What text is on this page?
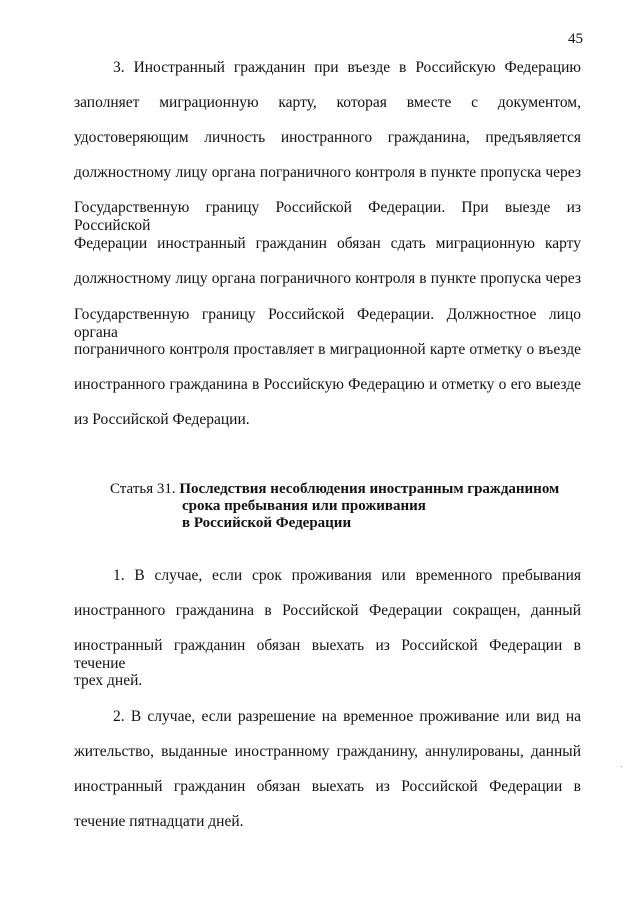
45
3. Иностранный гражданин при въезде в Российскую Федерацию
заполняет миграционную карту, которая вместе с документом,
удостоверяющим личность иностранного гражданина, предъявляется
должностному лицу органа пограничного контроля в пункте пропуска через
Государственную границу Российской Федерации. При выезде из Российской
Федерации иностранный гражданин обязан сдать миграционную карту
должностному лицу органа пограничного контроля в пункте пропуска через
Государственную границу Российской Федерации. Должностное лицо органа
пограничного контроля проставляет в миграционной карте отметку о въезде
иностранного гражданина в Российскую Федерацию и отметку о его выезде
из Российской Федерации.
Статья 31. Последствия несоблюдения иностранным гражданином
срока пребывания или проживания
в Российской Федерации
1. В случае, если срок проживания или временного пребывания
иностранного гражданина в Российской Федерации сокращен, данный
иностранный гражданин обязан выехать из Российской Федерации в течение
трех дней.
2. В случае, если разрешение на временное проживание или вид на
жительство, выданные иностранному гражданину, аннулированы, данный
иностранный гражданин обязан выехать из Российской Федерации в
течение пятнадцати дней.
